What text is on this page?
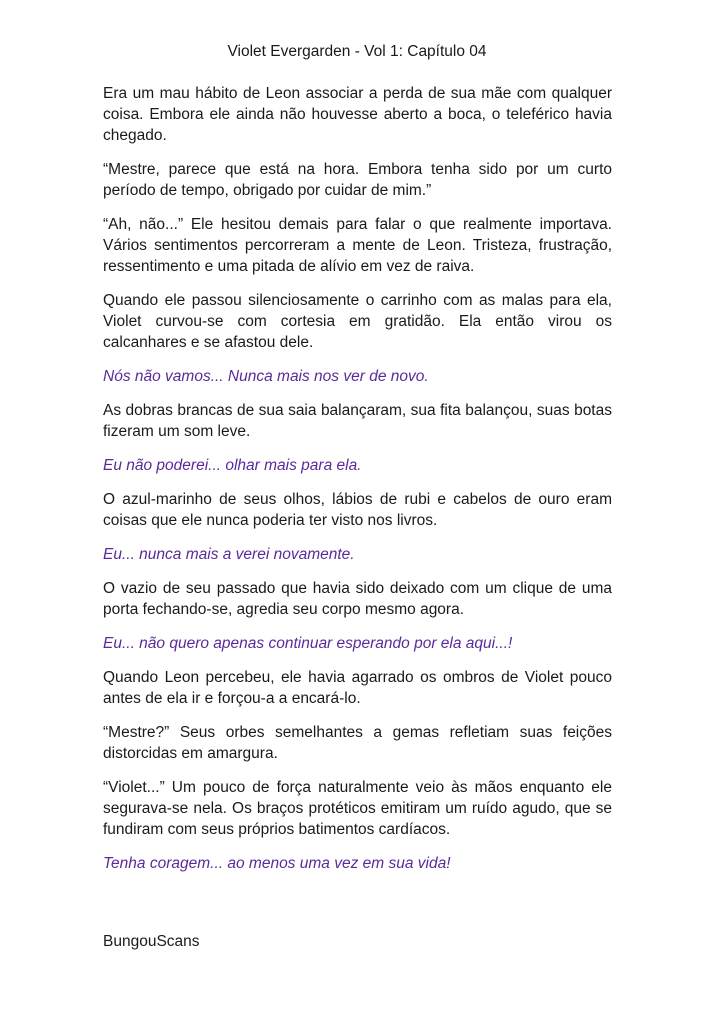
Violet Evergarden - Vol 1: Capítulo 04

Era um mau hábito de Leon associar a perda de sua mãe com qualquer coisa. Embora ele ainda não houvesse aberto a boca, o teleférico havia chegado.

“Mestre, parece que está na hora. Embora tenha sido por um curto período de tempo, obrigado por cuidar de mim.”

“Ah, não...” Ele hesitou demais para falar o que realmente importava. Vários sentimentos percorreram a mente de Leon. Tristeza, frustração, ressentimento e uma pitada de alívio em vez de raiva.

Quando ele passou silenciosamente o carrinho com as malas para ela, Violet curvou-se com cortesia em gratidão. Ela então virou os calcanhares e se afastou dele.

Nós não vamos... Nunca mais nos ver de novo.

As dobras brancas de sua saia balançaram, sua fita balançou, suas botas fizeram um som leve.

Eu não poderei... olhar mais para ela.

O azul-marinho de seus olhos, lábios de rubi e cabelos de ouro eram coisas que ele nunca poderia ter visto nos livros.

Eu... nunca mais a verei novamente.

O vazio de seu passado que havia sido deixado com um clique de uma porta fechando-se, agredia seu corpo mesmo agora.

Eu... não quero apenas continuar esperando por ela aqui...!

Quando Leon percebeu, ele havia agarrado os ombros de Violet pouco antes de ela ir e forçou-a a encará-lo.

“Mestre?” Seus orbes semelhantes a gemas refletiam suas feições distorcidas em amargura.

“Violet...” Um pouco de força naturalmente veio às mãos enquanto ele segurava-se nela. Os braços protéticos emitiram um ruído agudo, que se fundiram com seus próprios batimentos cardíacos.

Tenha coragem... ao menos uma vez em sua vida!

BungouScans
